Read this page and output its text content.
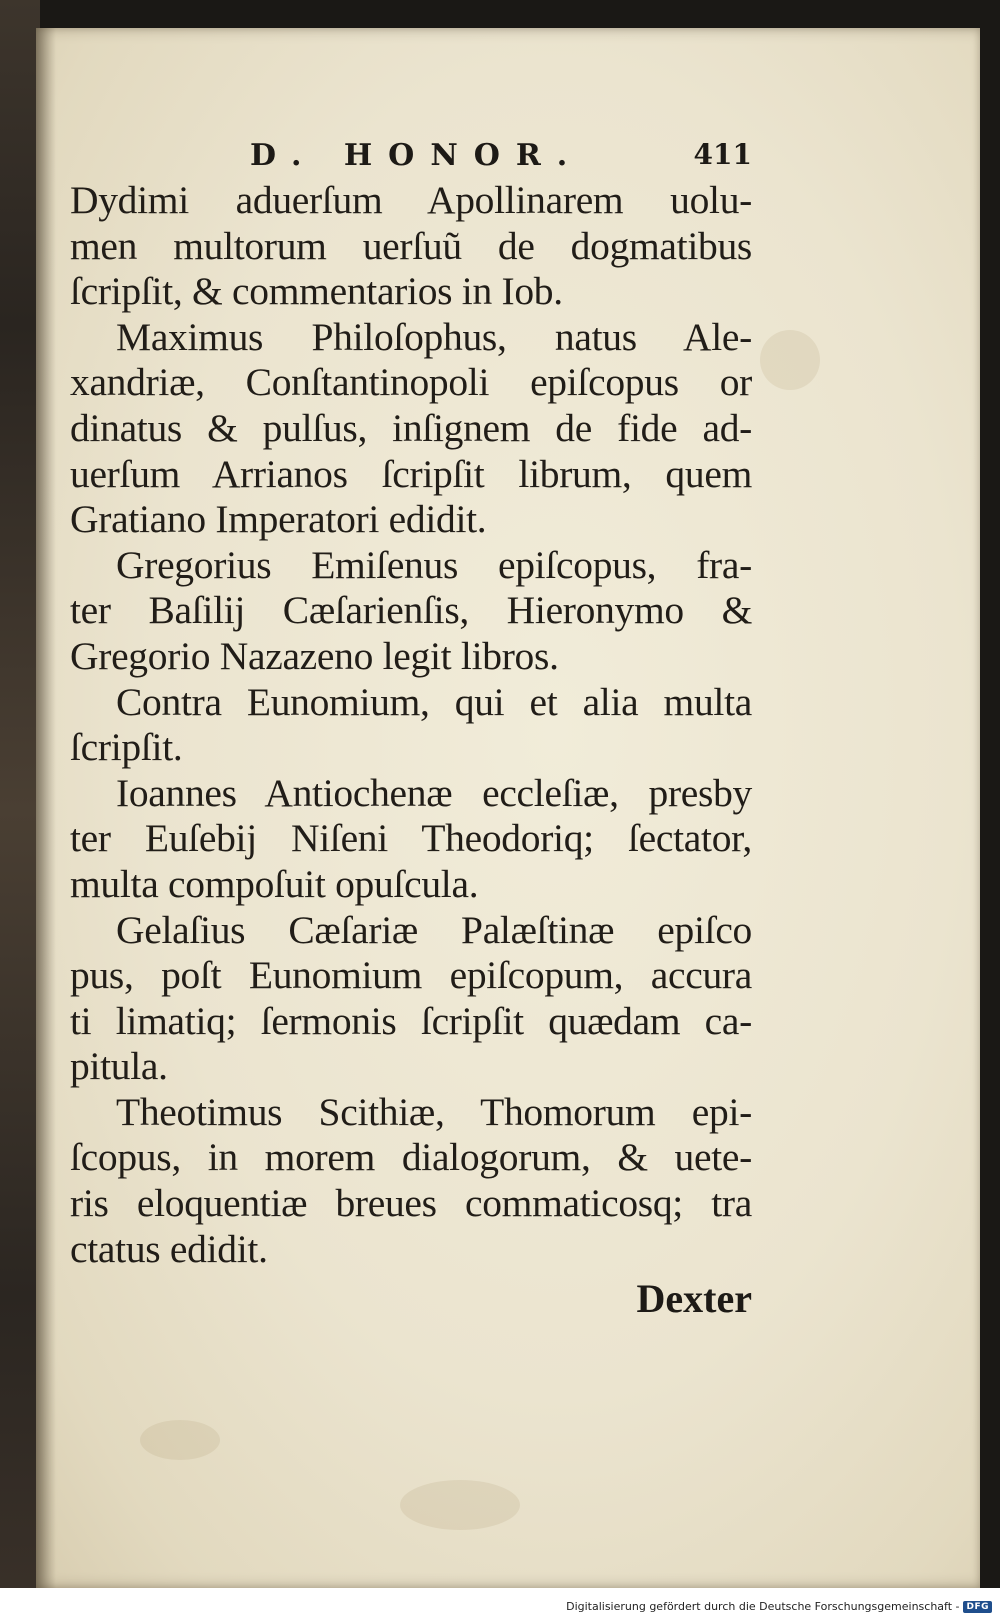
D. HONOR.	411
Dydimi aduerſum Apollinarem uolu-
men multorum uerſuũ de dogmatibus
ſcripſit, & commentarios in Iob.
Maximus Philoſophus, natus Ale-
xandriæ, Conſtantinopoli epiſcopus or
dinatus & pulſus, inſignem de fide ad-
uerſum Arrianos ſcripſit librum, quem
Gratiano Imperatori edidit.
Gregorius Emiſenus epiſcopus, fra-
ter Baſilij Cæſarienſis, Hieronymo &
Gregorio Nazazeno legit libros.
Contra Eunomium, qui et alia multa
ſcripſit.
Ioannes Antiochenæ eccleſiæ, presby
ter Euſebij Niſeni Theodoriq; ſectator,
multa compoſuit opuſcula.
Gelaſius Cæſariæ Palæſtinæ epiſco
pus, poſt Eunomium epiſcopum, accura
ti limatiq; ſermonis ſcripſit quædam ca-
pitula.
Theotimus Scithiæ, Thomorum epi-
ſcopus, in morem dialogorum, & uete-
ris eloquentiæ breues commaticosq; tra
ctatus edidit.
Dexter
Digitalisierung gefördert durch die Deutsche Forschungsgemeinschaft - DFG
